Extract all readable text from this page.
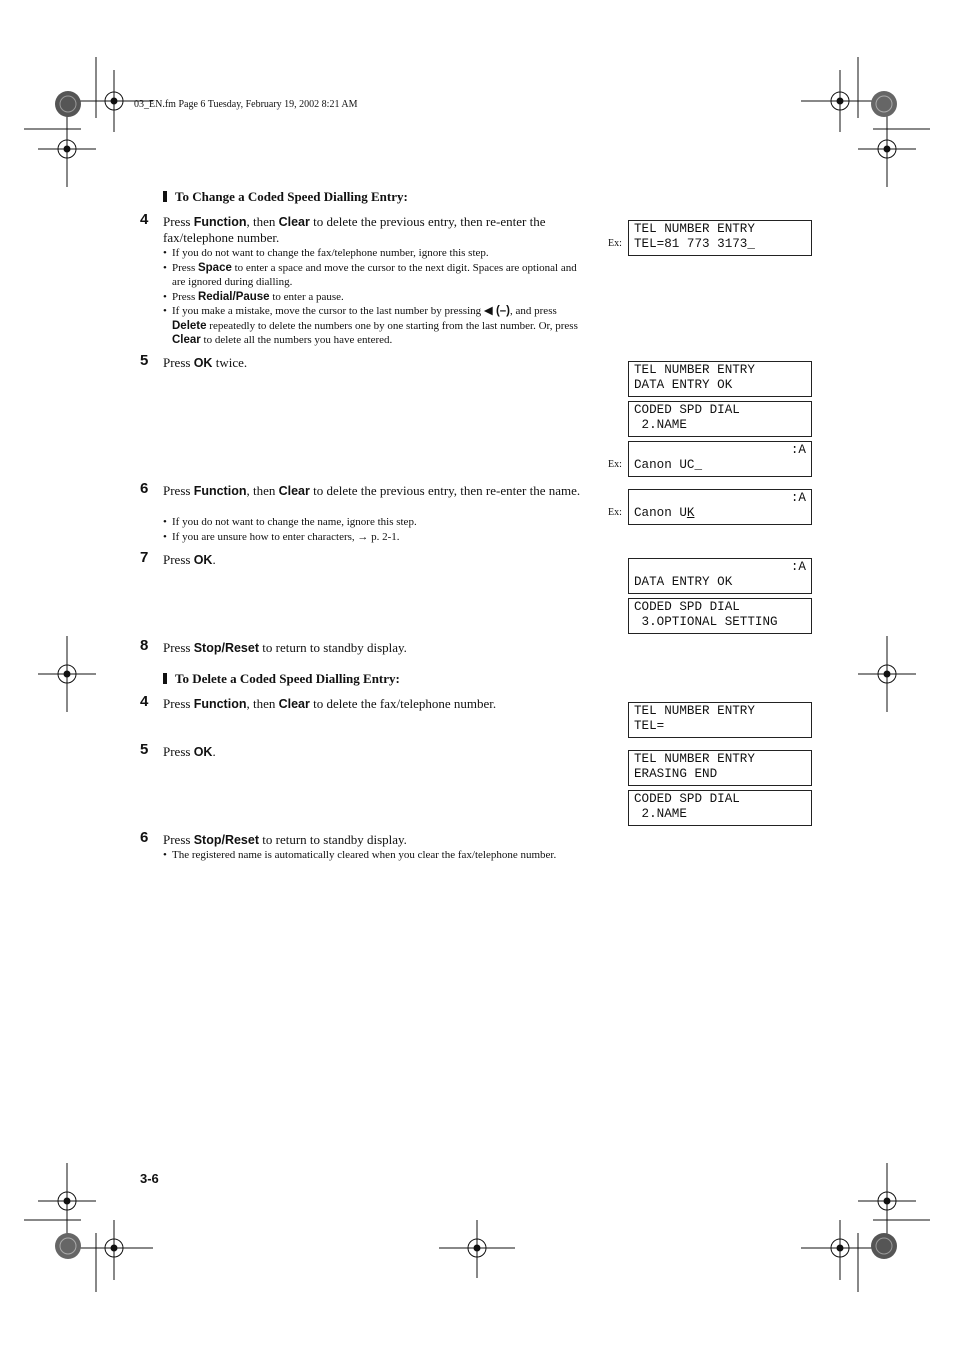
03_EN.fm Page 6 Tuesday, February 19, 2002 8:21 AM
To Change a Coded Speed Dialling Entry:
4 Press Function, then Clear to delete the previous entry, then re-enter the fax/telephone number.
• If you do not want to change the fax/telephone number, ignore this step.
• Press Space to enter a space and move the cursor to the next digit. Spaces are optional and are ignored during dialling.
• Press Redial/Pause to enter a pause.
• If you make a mistake, move the cursor to the last number by pressing ◀ (–), and press Delete repeatedly to delete the numbers one by one starting from the last number. Or, press Clear to delete all the numbers you have entered.
5 Press OK twice.
6 Press Function, then Clear to delete the previous entry, then re-enter the name.
• If you do not want to change the name, ignore this step.
• If you are unsure how to enter characters, → p. 2-1.
7 Press OK.
8 Press Stop/Reset to return to standby display.
To Delete a Coded Speed Dialling Entry:
4 Press Function, then Clear to delete the fax/telephone number.
5 Press OK.
6 Press Stop/Reset to return to standby display.
• The registered name is automatically cleared when you clear the fax/telephone number.
Ex:
TEL NUMBER ENTRY
TEL=81 773 3173_
TEL NUMBER ENTRY
DATA ENTRY OK
CODED SPD DIAL
2.NAME
Ex:
:A
Canon UC_
Ex:
:A
Canon UK
:A
DATA ENTRY OK
CODED SPD DIAL
3.OPTIONAL SETTING
TEL NUMBER ENTRY
TEL=
TEL NUMBER ENTRY
ERASING END
CODED SPD DIAL
2.NAME
3-6
